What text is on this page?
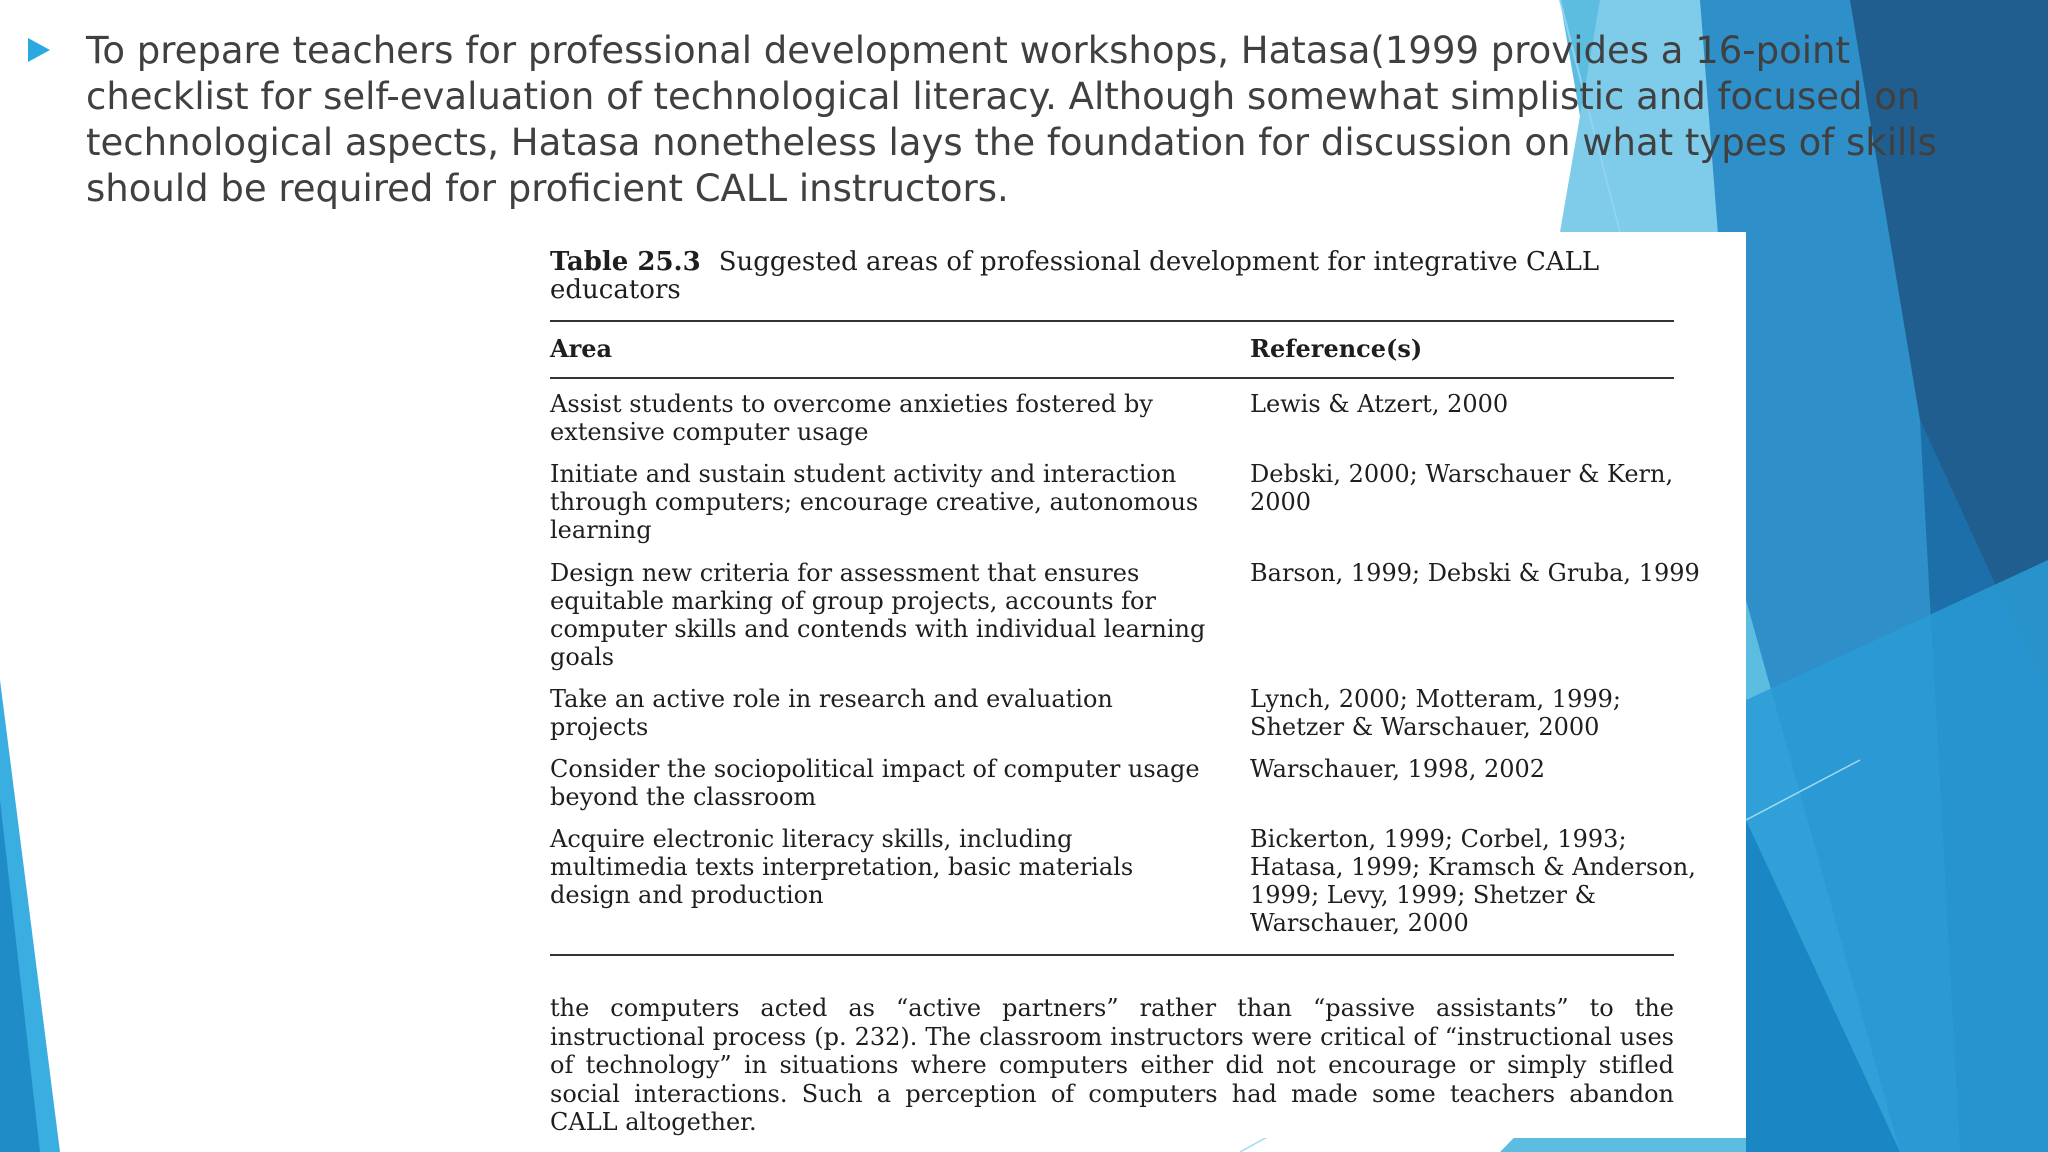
To prepare teachers for professional development workshops, Hatasa(1999 provides a 16-point checklist for self-evaluation of technological literacy. Although somewhat simplistic and focused on technological aspects, Hatasa nonetheless lays the foundation for discussion on what types of skills should be required for proficient CALL instructors.
Table 25.3 Suggested areas of professional development for integrative CALL educators
Area	Reference(s)
Assist students to overcome anxieties fostered by extensive computer usage
Lewis & Atzert, 2000
Initiate and sustain student activity and interaction through computers; encourage creative, autonomous learning
Debski, 2000; Warschauer & Kern, 2000
Design new criteria for assessment that ensures equitable marking of group projects, accounts for computer skills and contends with individual learning goals
Barson, 1999; Debski & Gruba, 1999
Take an active role in research and evaluation projects
Lynch, 2000; Motteram, 1999; Shetzer & Warschauer, 2000
Consider the sociopolitical impact of computer usage beyond the classroom
Warschauer, 1998, 2002
Acquire electronic literacy skills, including multimedia texts interpretation, basic materials design and production
Bickerton, 1999; Corbel, 1993; Hatasa, 1999; Kramsch & Anderson, 1999; Levy, 1999; Shetzer & Warschauer, 2000
the computers acted as “active partners” rather than “passive assistants” to the instructional process (p. 232). The classroom instructors were critical of “instructional uses of technology” in situations where computers either did not encourage or simply stifled social interactions. Such a perception of computers had made some teachers abandon CALL altogether.
